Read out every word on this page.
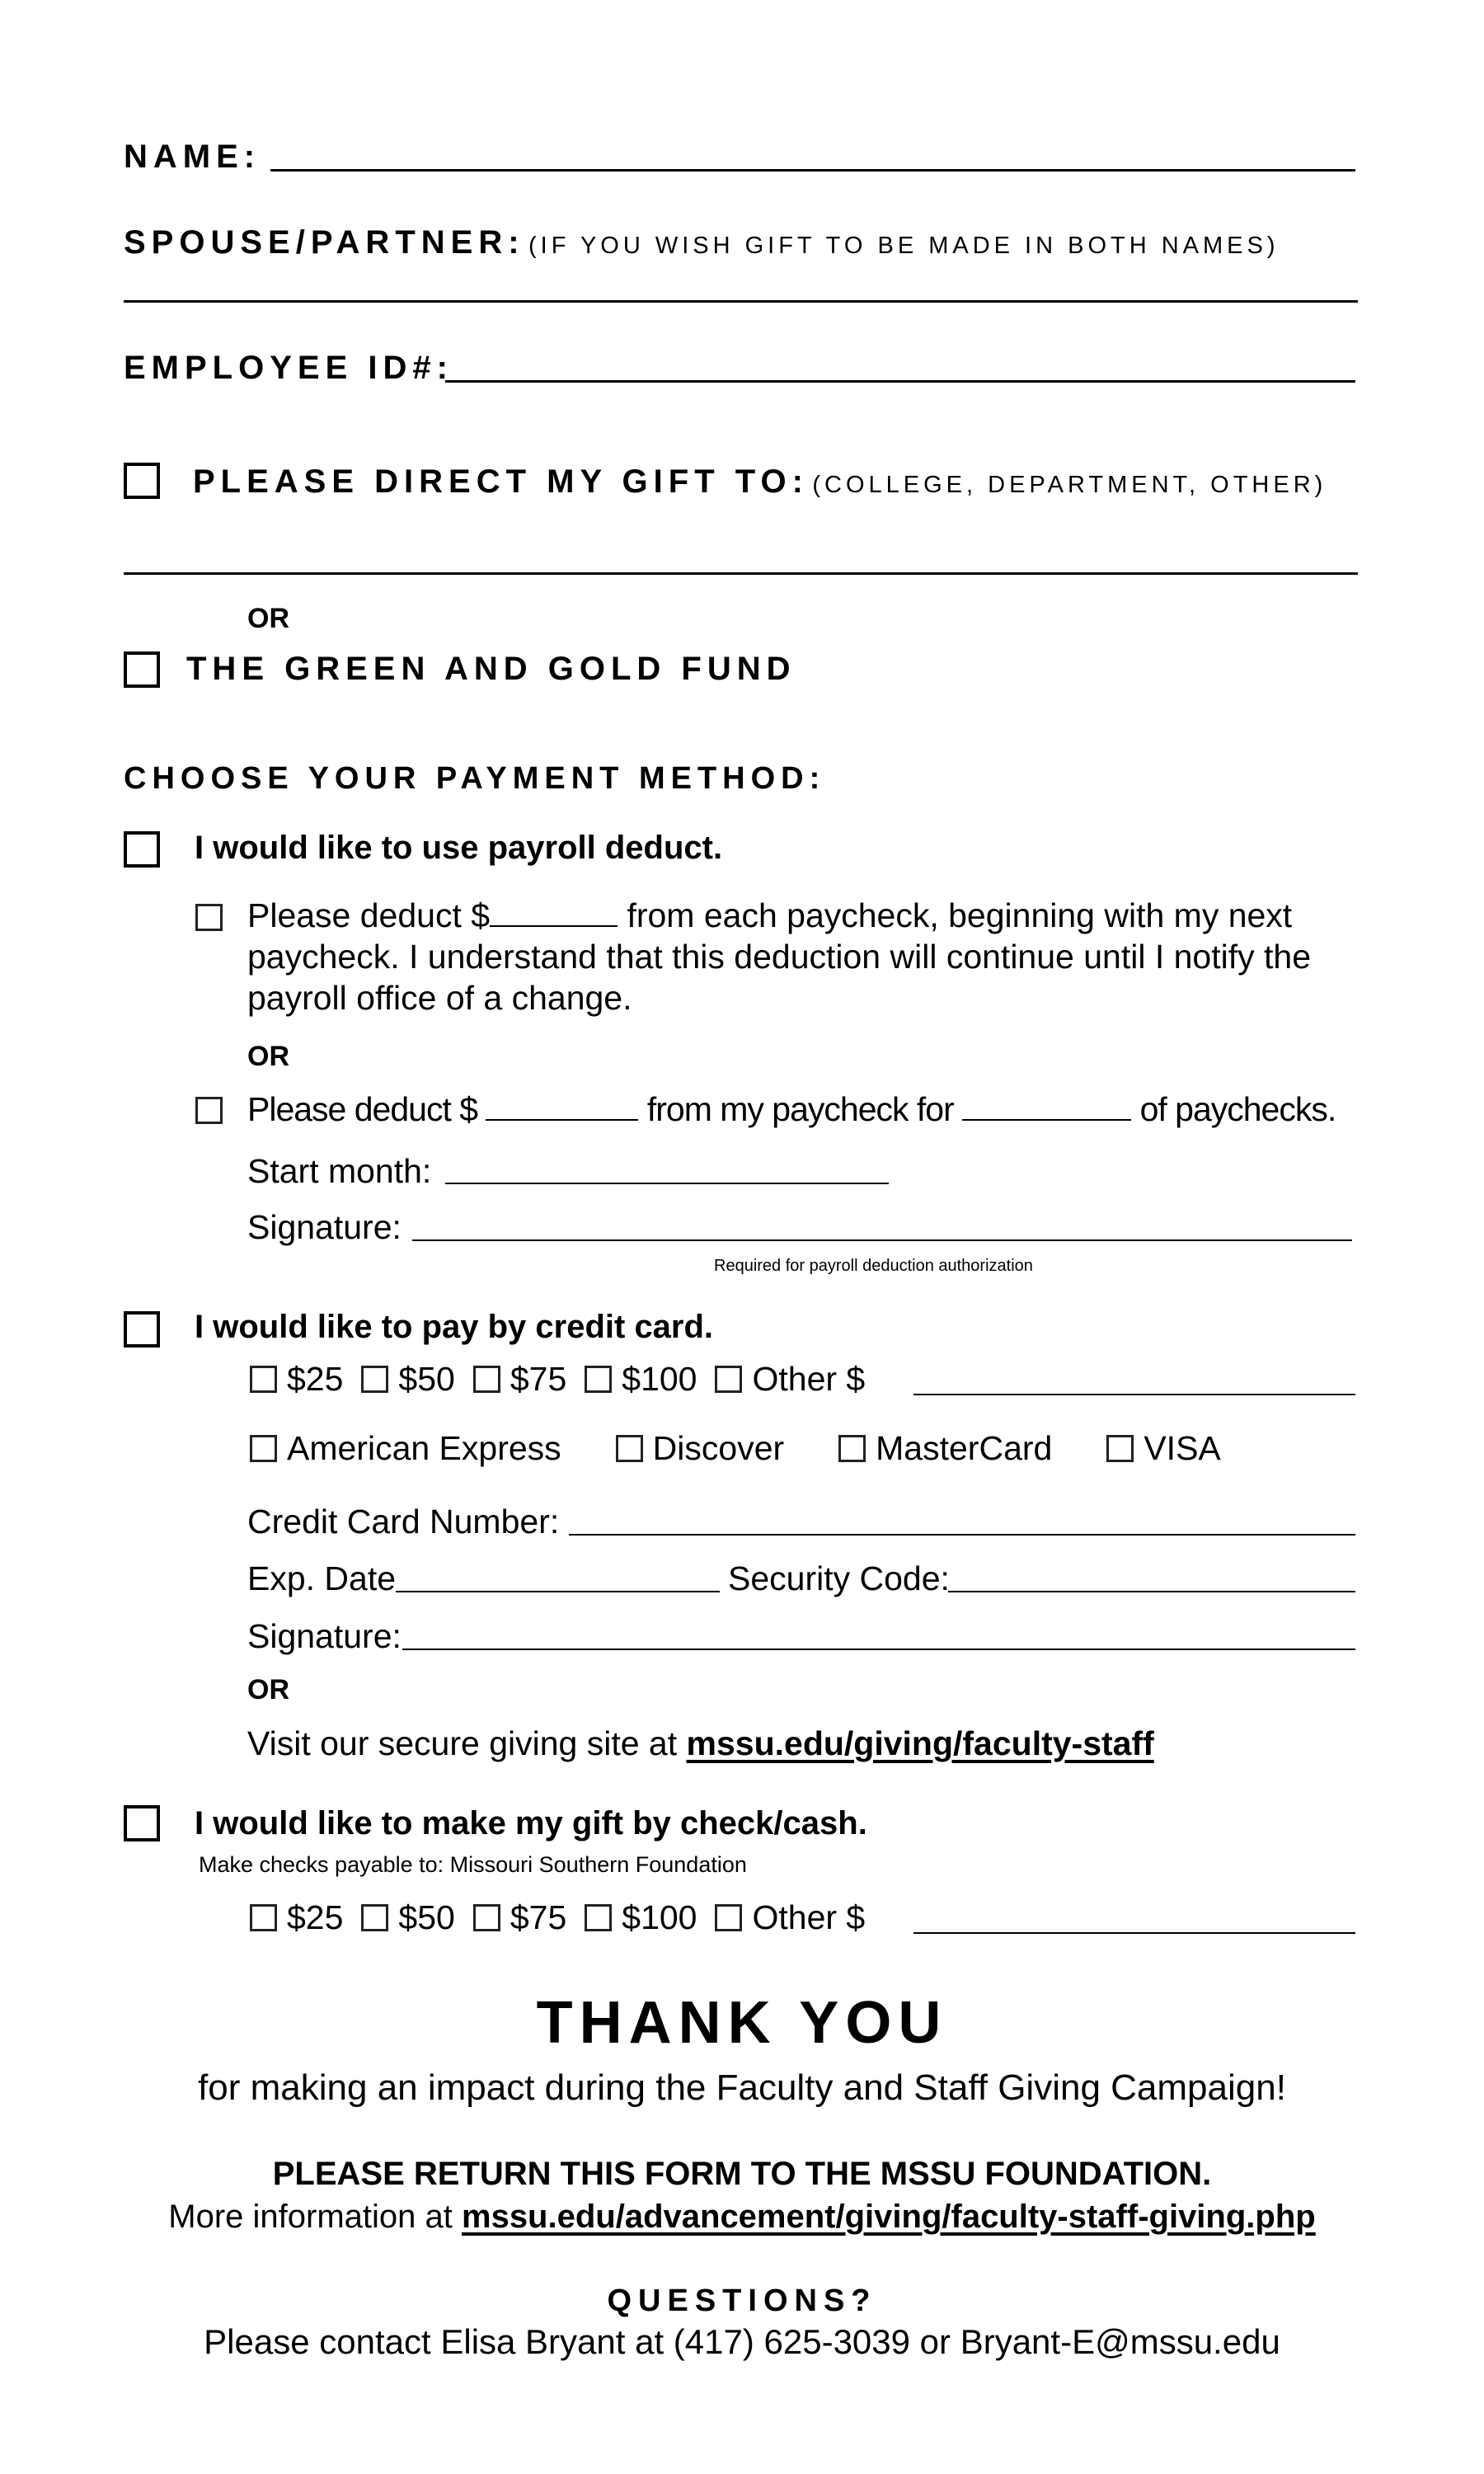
NAME:
SPOUSE/PARTNER: (IF YOU WISH GIFT TO BE MADE IN BOTH NAMES)
EMPLOYEE ID#:
PLEASE DIRECT MY GIFT TO: (COLLEGE, DEPARTMENT, OTHER)
OR
THE GREEN AND GOLD FUND
CHOOSE YOUR PAYMENT METHOD:
I would like to use payroll deduct.
Please deduct $	from each paycheck, beginning with my next
paycheck. I understand that this deduction will continue until I notify the
payroll office of a change.
OR
Please deduct $	from my paycheck for	of paychecks.
Start month:
Signature:
Required for payroll deduction authorization
I would like to pay by credit card.
$25 $50 $75 $100 Other $
American Express	Discover	MasterCard	VISA
Credit Card Number:
Exp. Date	Security Code:
Signature:
OR
Visit our secure giving site at mssu.edu/giving/faculty-staff
I would like to make my gift by check/cash.
Make checks payable to: Missouri Southern Foundation
$25 $50 $75 $100 Other $
THANK YOU
for making an impact during the Faculty and Staff Giving Campaign!
PLEASE RETURN THIS FORM TO THE MSSU FOUNDATION.
More information at mssu.edu/advancement/giving/faculty-staff-giving.php
QUESTIONS?
Please contact Elisa Bryant at (417) 625-3039 or Bryant-E@mssu.edu
